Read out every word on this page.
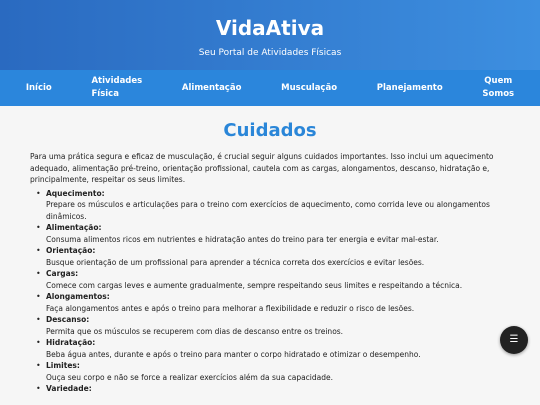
VidaAtiva
Seu Portal de Atividades Físicas
Início
Atividades
Física
Alimentação	Musculação	Planejamento
Quem
Somos
Cuidados

Para uma prática segura e eficaz de musculação, é crucial seguir alguns cuidados importantes. Isso inclui um aquecimento adequado, alimentação pré-treino, orientação profissional, cautela com as cargas, alongamentos, descanso, hidratação e, principalmente, respeitar os seus limites.

• Aquecimento:
Prepare os músculos e articulações para o treino com exercícios de aquecimento, como corrida leve ou alongamentos dinâmicos.
• Alimentação:
Consuma alimentos ricos em nutrientes e hidratação antes do treino para ter energia e evitar mal-estar.
• Orientação:
Busque orientação de um profissional para aprender a técnica correta dos exercícios e evitar lesões.
• Cargas:
Comece com cargas leves e aumente gradualmente, sempre respeitando seus limites e respeitando a técnica.
• Alongamentos:
Faça alongamentos antes e após o treino para melhorar a flexibilidade e reduzir o risco de lesões.
• Descanso:
Permita que os músculos se recuperem com dias de descanso entre os treinos.
• Hidratação:
Beba água antes, durante e após o treino para manter o corpo hidratado e otimizar o desempenho.
• Limites:
Ouça seu corpo e não se force a realizar exercícios além da sua capacidade.
• Variedade:
☰
